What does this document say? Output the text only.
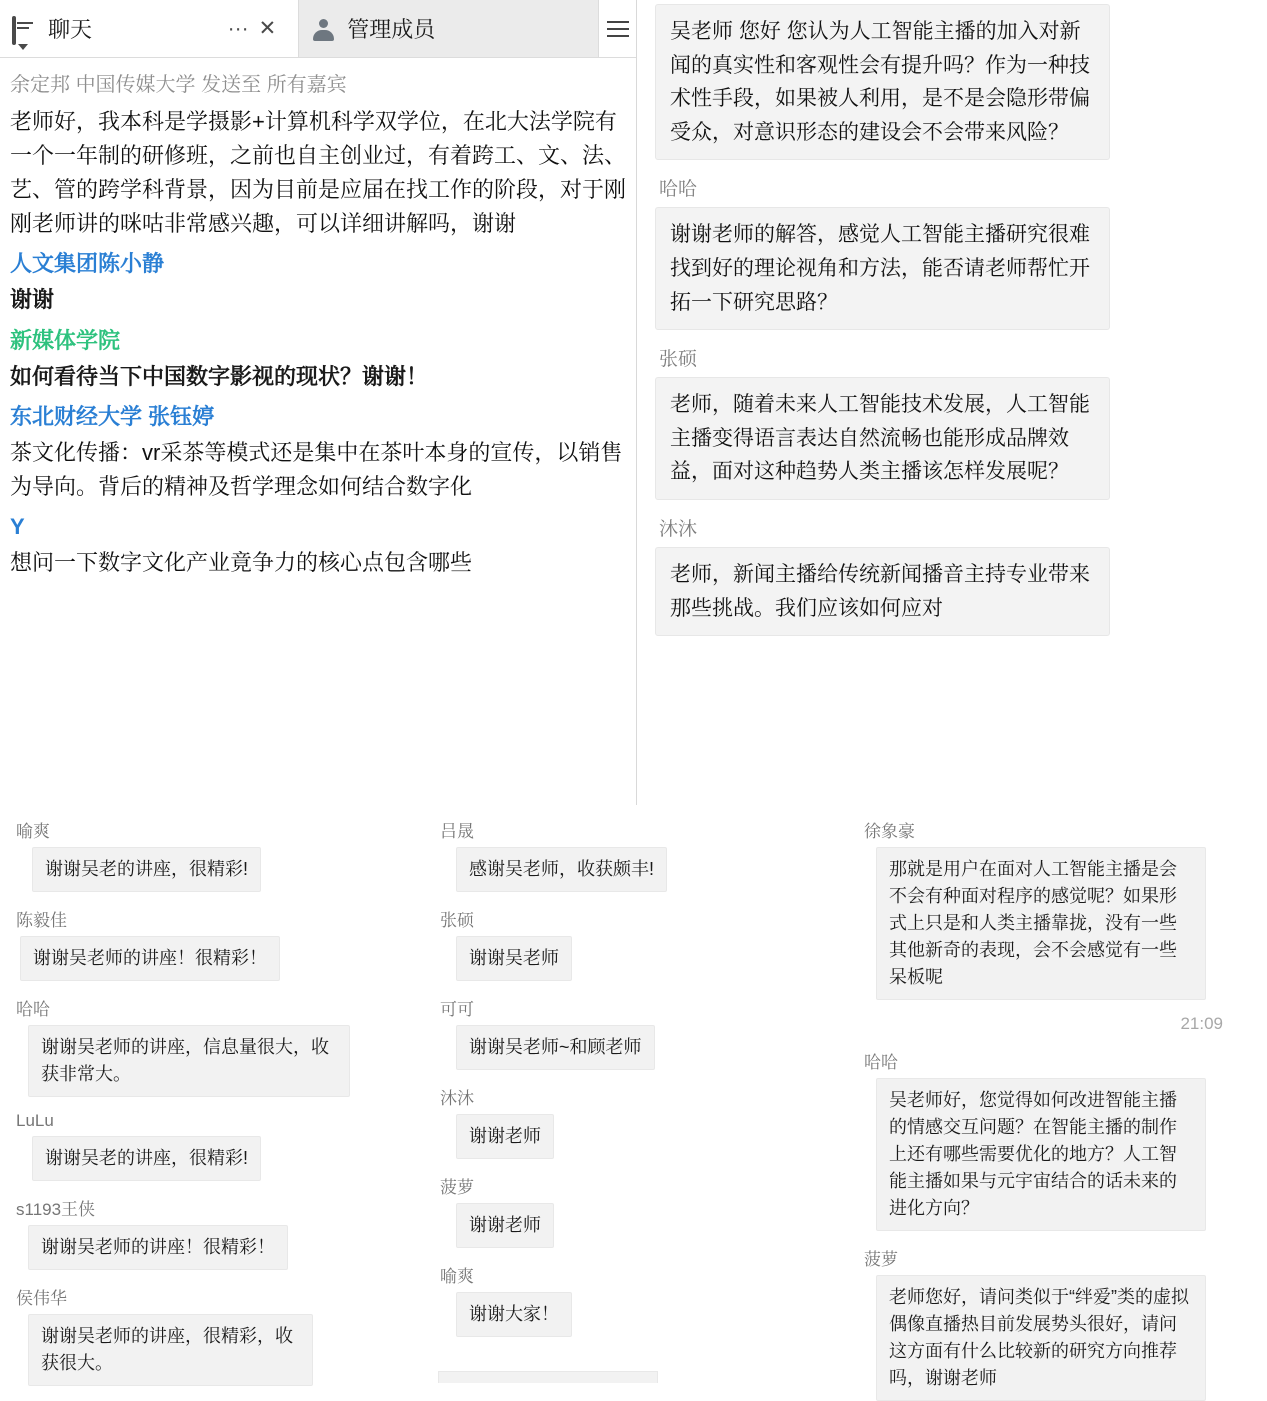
聊天	··· ✕	管理成员
余定邦 中国传媒大学 发送至 所有嘉宾
老师好，我本科是学摄影+计算机科学双学位，在北大法学院有一个一年制的研修班，之前也自主创业过，有着跨工、文、法、艺、管的跨学科背景，因为目前是应届在找工作的阶段，对于刚刚老师讲的咪咕非常感兴趣，可以详细讲解吗，谢谢
人文集团陈小静
谢谢
新媒体学院
如何看待当下中国数字影视的现状？谢谢！
东北财经大学 张钰婷
茶文化传播：vr采茶等模式还是集中在茶叶本身的宣传，以销售为导向。背后的精神及哲学理念如何结合数字化
Y
想问一下数字文化产业竟争力的核心点包含哪些
吴老师 您好 您认为人工智能主播的加入对新闻的真实性和客观性会有提升吗？作为一种技术性手段，如果被人利用，是不是会隐形带偏受众，对意识形态的建设会不会带来风险？
哈哈
谢谢老师的解答，感觉人工智能主播研究很难找到好的理论视角和方法，能否请老师帮忙开拓一下研究思路？
张硕
老师，随着未来人工智能技术发展，人工智能主播变得语言表达自然流畅也能形成品牌效益，面对这种趋势人类主播该怎样发展呢？
沐沐
老师，新闻主播给传统新闻播音主持专业带来那些挑战。我们应该如何应对
喻爽
谢谢吴老的讲座，很精彩!
陈毅佳
谢谢吴老师的讲座！很精彩！
哈哈
谢谢吴老师的讲座，信息量很大，收获非常大。
LuLu
谢谢吴老的讲座，很精彩!
s1193王侠
谢谢吴老师的讲座！很精彩！
侯伟华
谢谢吴老师的讲座，很精彩，收获很大。
吕晟
感谢吴老师，收获颇丰!
张硕
谢谢吴老师
可可
谢谢吴老师~和顾老师
沐沐
谢谢老师
菠萝
谢谢老师
喻爽
谢谢大家！
徐象豪
那就是用户在面对人工智能主播是会不会有种面对程序的感觉呢？如果形式上只是和人类主播靠拢，没有一些其他新奇的表现，会不会感觉有一些呆板呢
21:09
哈哈
吴老师好，您觉得如何改进智能主播的情感交互问题？在智能主播的制作上还有哪些需要优化的地方？人工智能主播如果与元宇宙结合的话未来的进化方向？
菠萝
老师您好，请问类似于“绊爱”类的虚拟偶像直播热目前发展势头很好，请问这方面有什么比较新的研究方向推荐吗，谢谢老师
